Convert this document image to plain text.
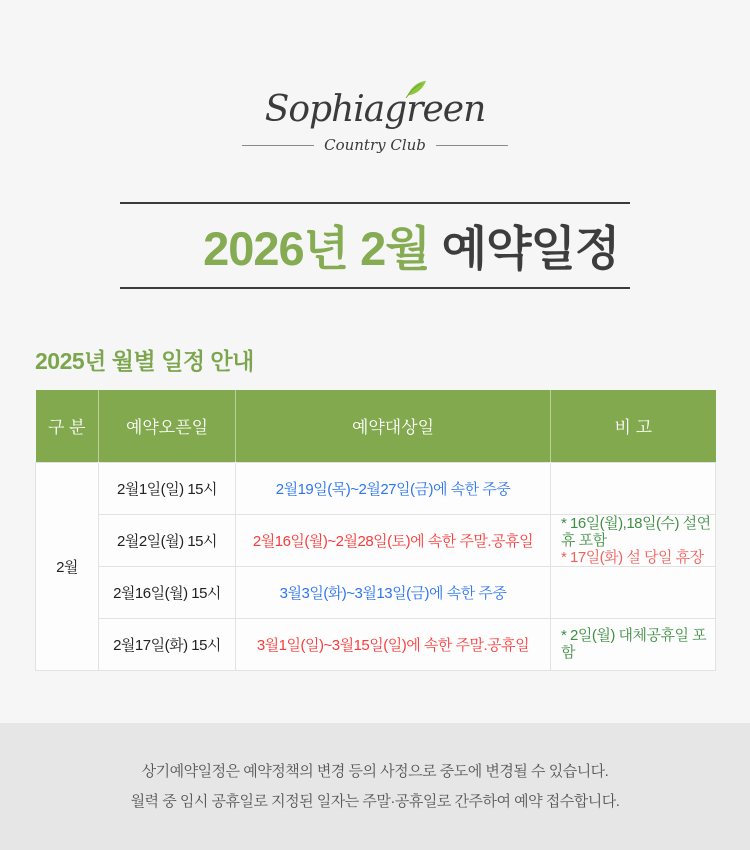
Sophiagreen
Country Club

2026년 2월 예약일정

2025년 월별 일정 안내
구 분	예약오픈일	예약대상일	비 고
2월	2월1일(일) 15시	2월19일(목)~2월27일(금)에 속한 주중	
	2월2일(월) 15시	2월16일(월)~2월28일(토)에 속한 주말.공휴일	* 16일(월),18일(수) 설연휴 포함
* 17일(화) 설 당일 휴장

	2월16일(월) 15시	3월3일(화)~3월13일(금)에 속한 주중	
	2월17일(화) 15시	3월1일(일)~3월15일(일)에 속한 주말.공휴일	* 2일(월) 대체공휴일 포함
상기예약일정은 예약정책의 변경 등의 사정으로 중도에 변경될 수 있습니다.
월력 중 임시 공휴일로 지정된 일자는 주말·공휴일로 간주하여 예약 접수합니다.
